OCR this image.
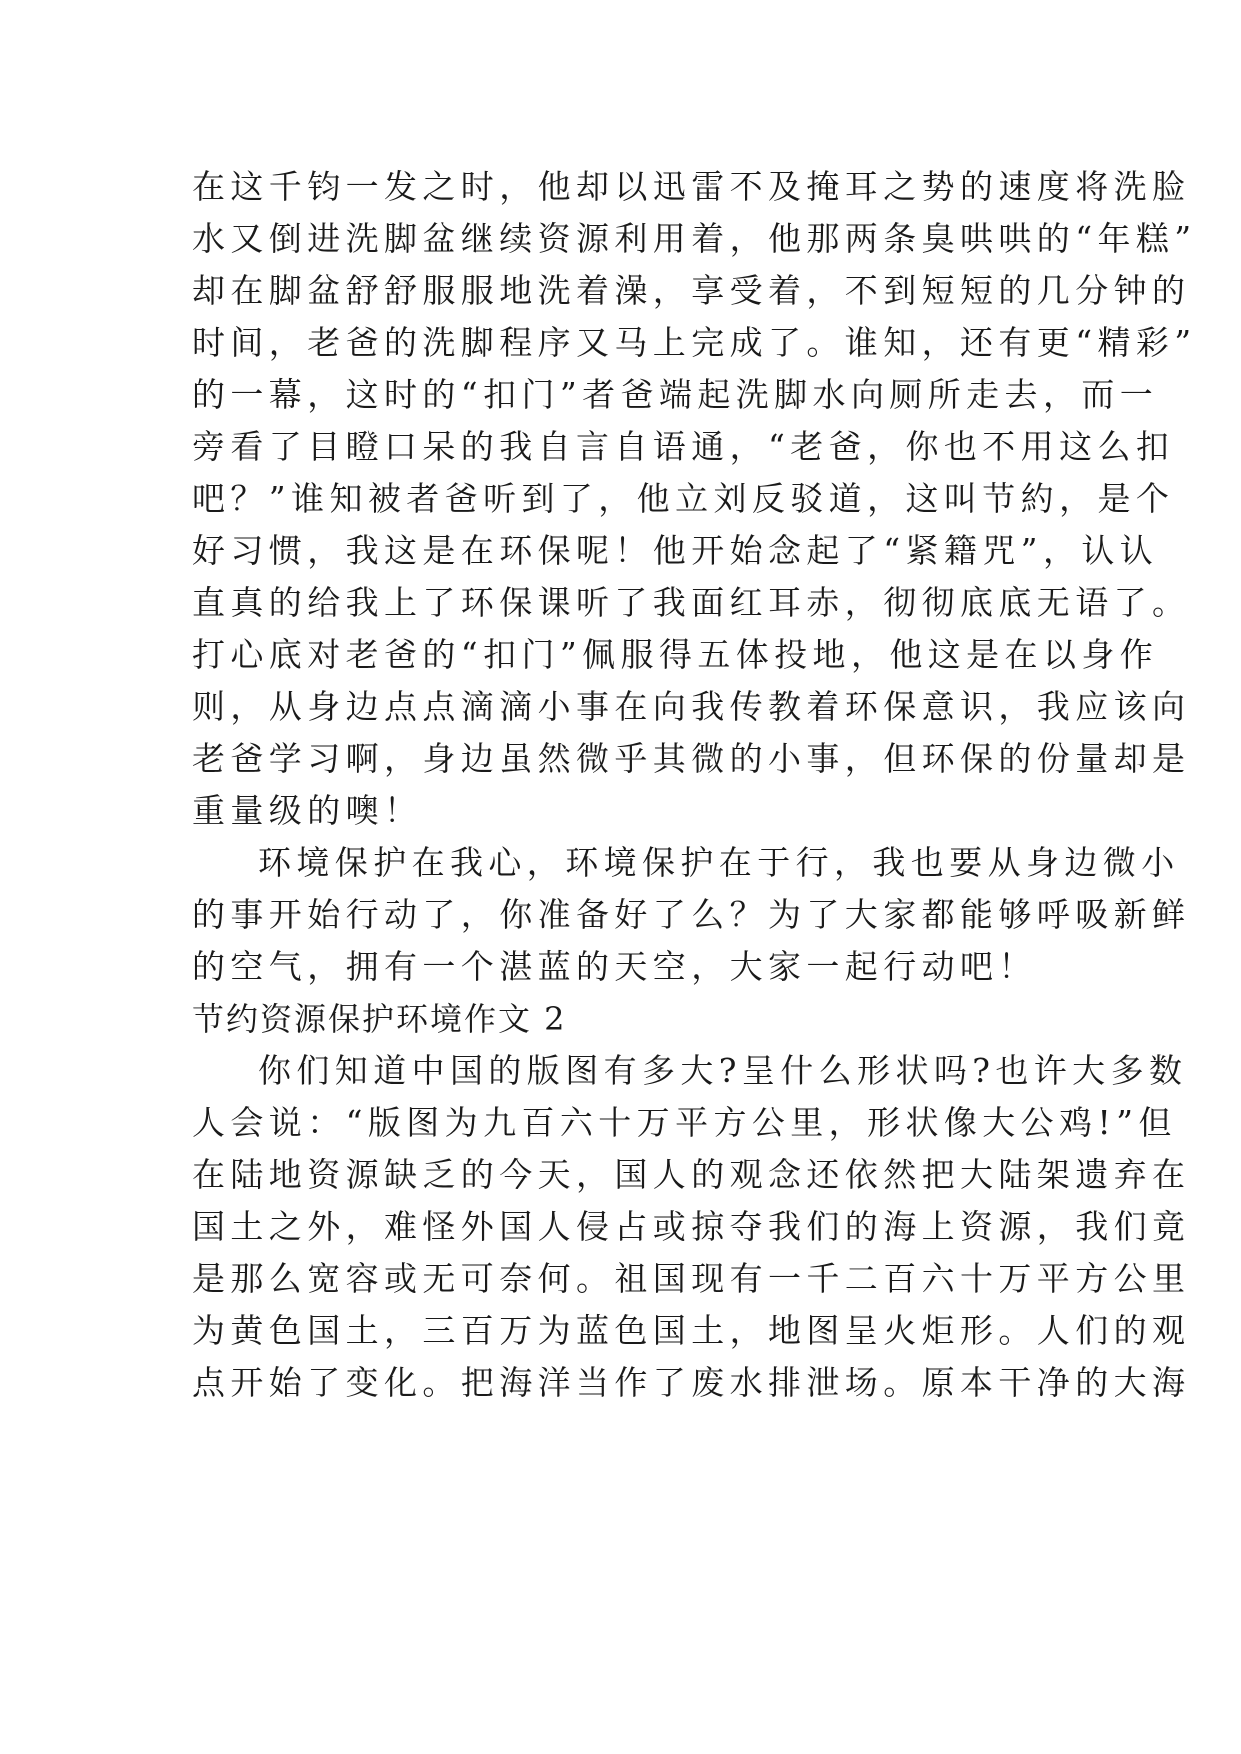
在这千钧一发之时，他却以迅雷不及掩耳之势的速度将洗脸
水又倒进洗脚盆继续资源利用着，他那两条臭哄哄的“年糕”
却在脚盆舒舒服服地洗着澡，享受着，不到短短的几分钟的
时间，老爸的洗脚程序又马上完成了。谁知，还有更“精彩”
的一幕，这时的“扣门”者爸端起洗脚水向厕所走去，而一
旁看了目瞪口呆的我自言自语通，“老爸，你也不用这么扣
吧？”谁知被者爸听到了，他立刘反驳道，这叫节約，是个
好习惯，我这是在环保呢！他开始念起了“紧籍咒”，认认
直真的给我上了环保课听了我面红耳赤，彻彻底底无语了。
打心底对老爸的“扣门”佩服得五体投地，他这是在以身作
则，从身边点点滴滴小事在向我传教着环保意识，我应该向
老爸学习啊，身边虽然微乎其微的小事，但环保的份量却是
重量级的噢！
环境保护在我心，环境保护在于行，我也要从身边微小
的事开始行动了，你准备好了么？为了大家都能够呼吸新鲜
的空气，拥有一个湛蓝的天空，大家一起行动吧！
节约资源保护环境作文 2
你们知道中国的版图有多大?呈什么形状吗?也许大多数
人会说：“版图为九百六十万平方公里，形状像大公鸡!”但
在陆地资源缺乏的今天，国人的观念还依然把大陆架遗弃在
国土之外，难怪外国人侵占或掠夺我们的海上资源，我们竟
是那么宽容或无可奈何。祖国现有一千二百六十万平方公里
为黄色国土，三百万为蓝色国土，地图呈火炬形。人们的观
点开始了变化。把海洋当作了废水排泄场。原本干净的大海
